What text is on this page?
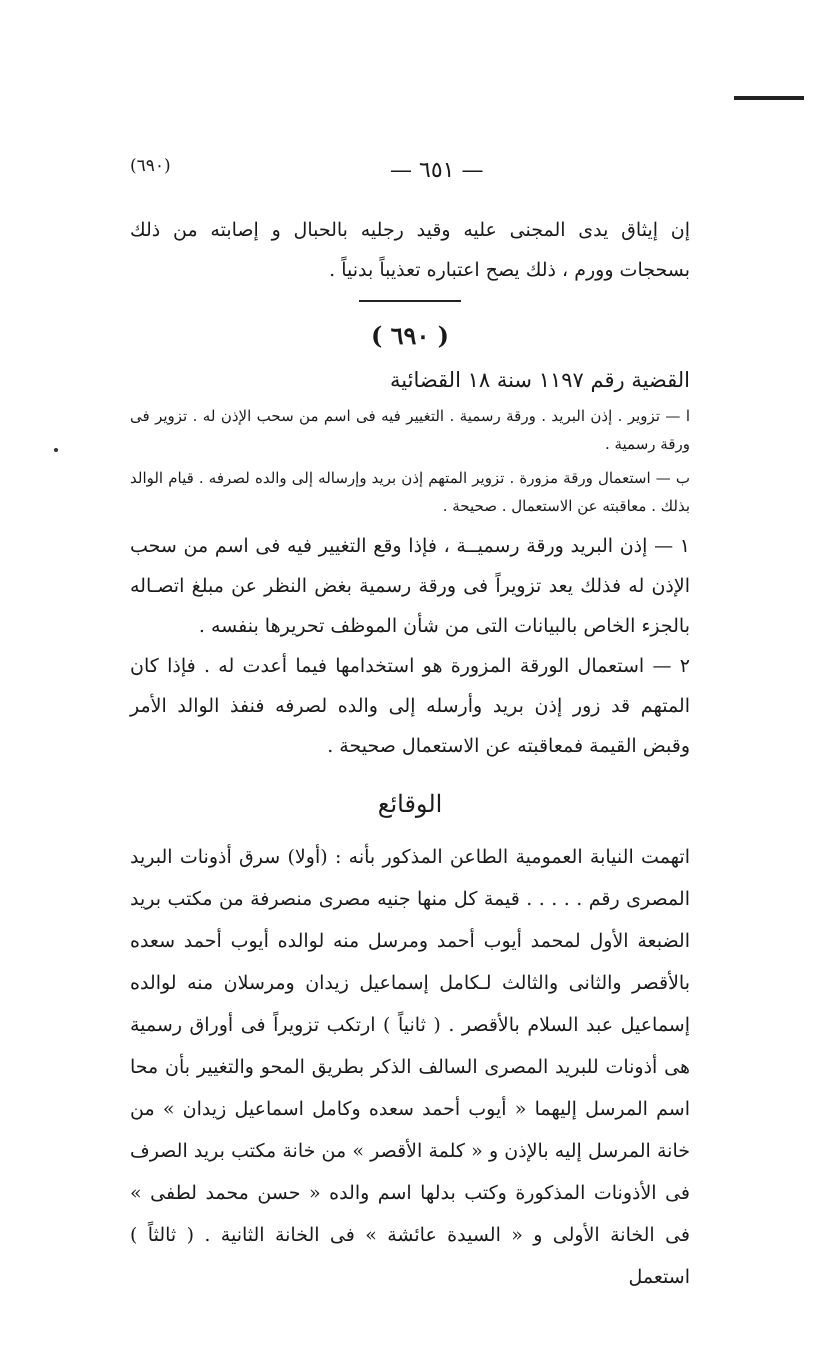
— ٦٥١ —
(٦٩٠)

إن إيثاق يدى المجنى عليه وقيد رجليه بالحبال و إصابته من ذلك بسحجات وورم ، ذلك يصح اعتباره تعذيباً بدنياً .

( ٦٩٠ )

القضية رقم ١١٩٧ سنة ١٨ القضائية

ا — تزوير . إذن البريد . ورقة رسمية . التغيير فيه فى اسم من سحب الإذن له . تزوير فى ورقة رسمية .

ب — استعمال ورقة مزورة . تزوير المتهم إذن بريد وإرساله إلى والده لصرفه . قيام الوالد بذلك . معاقبته عن الاستعمال . صحيحة .

١ — إذن البريد ورقة رسميــة ، فإذا وقع التغيير فيه فى اسم من سحب الإذن له فذلك يعد تزويراً فى ورقة رسمية بغض النظر عن مبلغ اتصـاله بالجزء الخاص بالبيانات التى من شأن الموظف تحريرها بنفسه .

٢ — استعمال الورقة المزورة هو استخدامها فيما أعدت له . فإذا كان المتهم قد زور إذن بريد وأرسله إلى والده لصرفه فنفذ الوالد الأمر وقبض القيمة فمعاقبته عن الاستعمال صحيحة .

الوقائع

اتهمت النيابة العمومية الطاعن المذكور بأنه : (أولا) سرق أذونات البريد المصرى رقم . . . . . قيمة كل منها جنيه مصرى منصرفة من مكتب بريد الضبعة الأول لمحمد أيوب أحمد ومرسل منه لوالده أيوب أحمد سعده بالأقصر والثانى والثالث لـكامل إسماعيل زيدان ومرسلان منه لوالده إسماعيل عبد السلام بالأقصر . ( ثانياً ) ارتكب تزويراً فى أوراق رسمية هى أذونات للبريد المصرى السالف الذكر بطريق المحو والتغيير بأن محا اسم المرسل إليهما « أيوب أحمد سعده وكامل اسماعيل زيدان » من خانة المرسل إليه بالإذن و « كلمة الأقصر » من خانة مكتب بريد الصرف فى الأذونات المذكورة وكتب بدلها اسم والده « حسن محمد لطفى » فى الخانة الأولى و « السيدة عائشة » فى الخانة الثانية . ( ثالثاً ) استعمل
